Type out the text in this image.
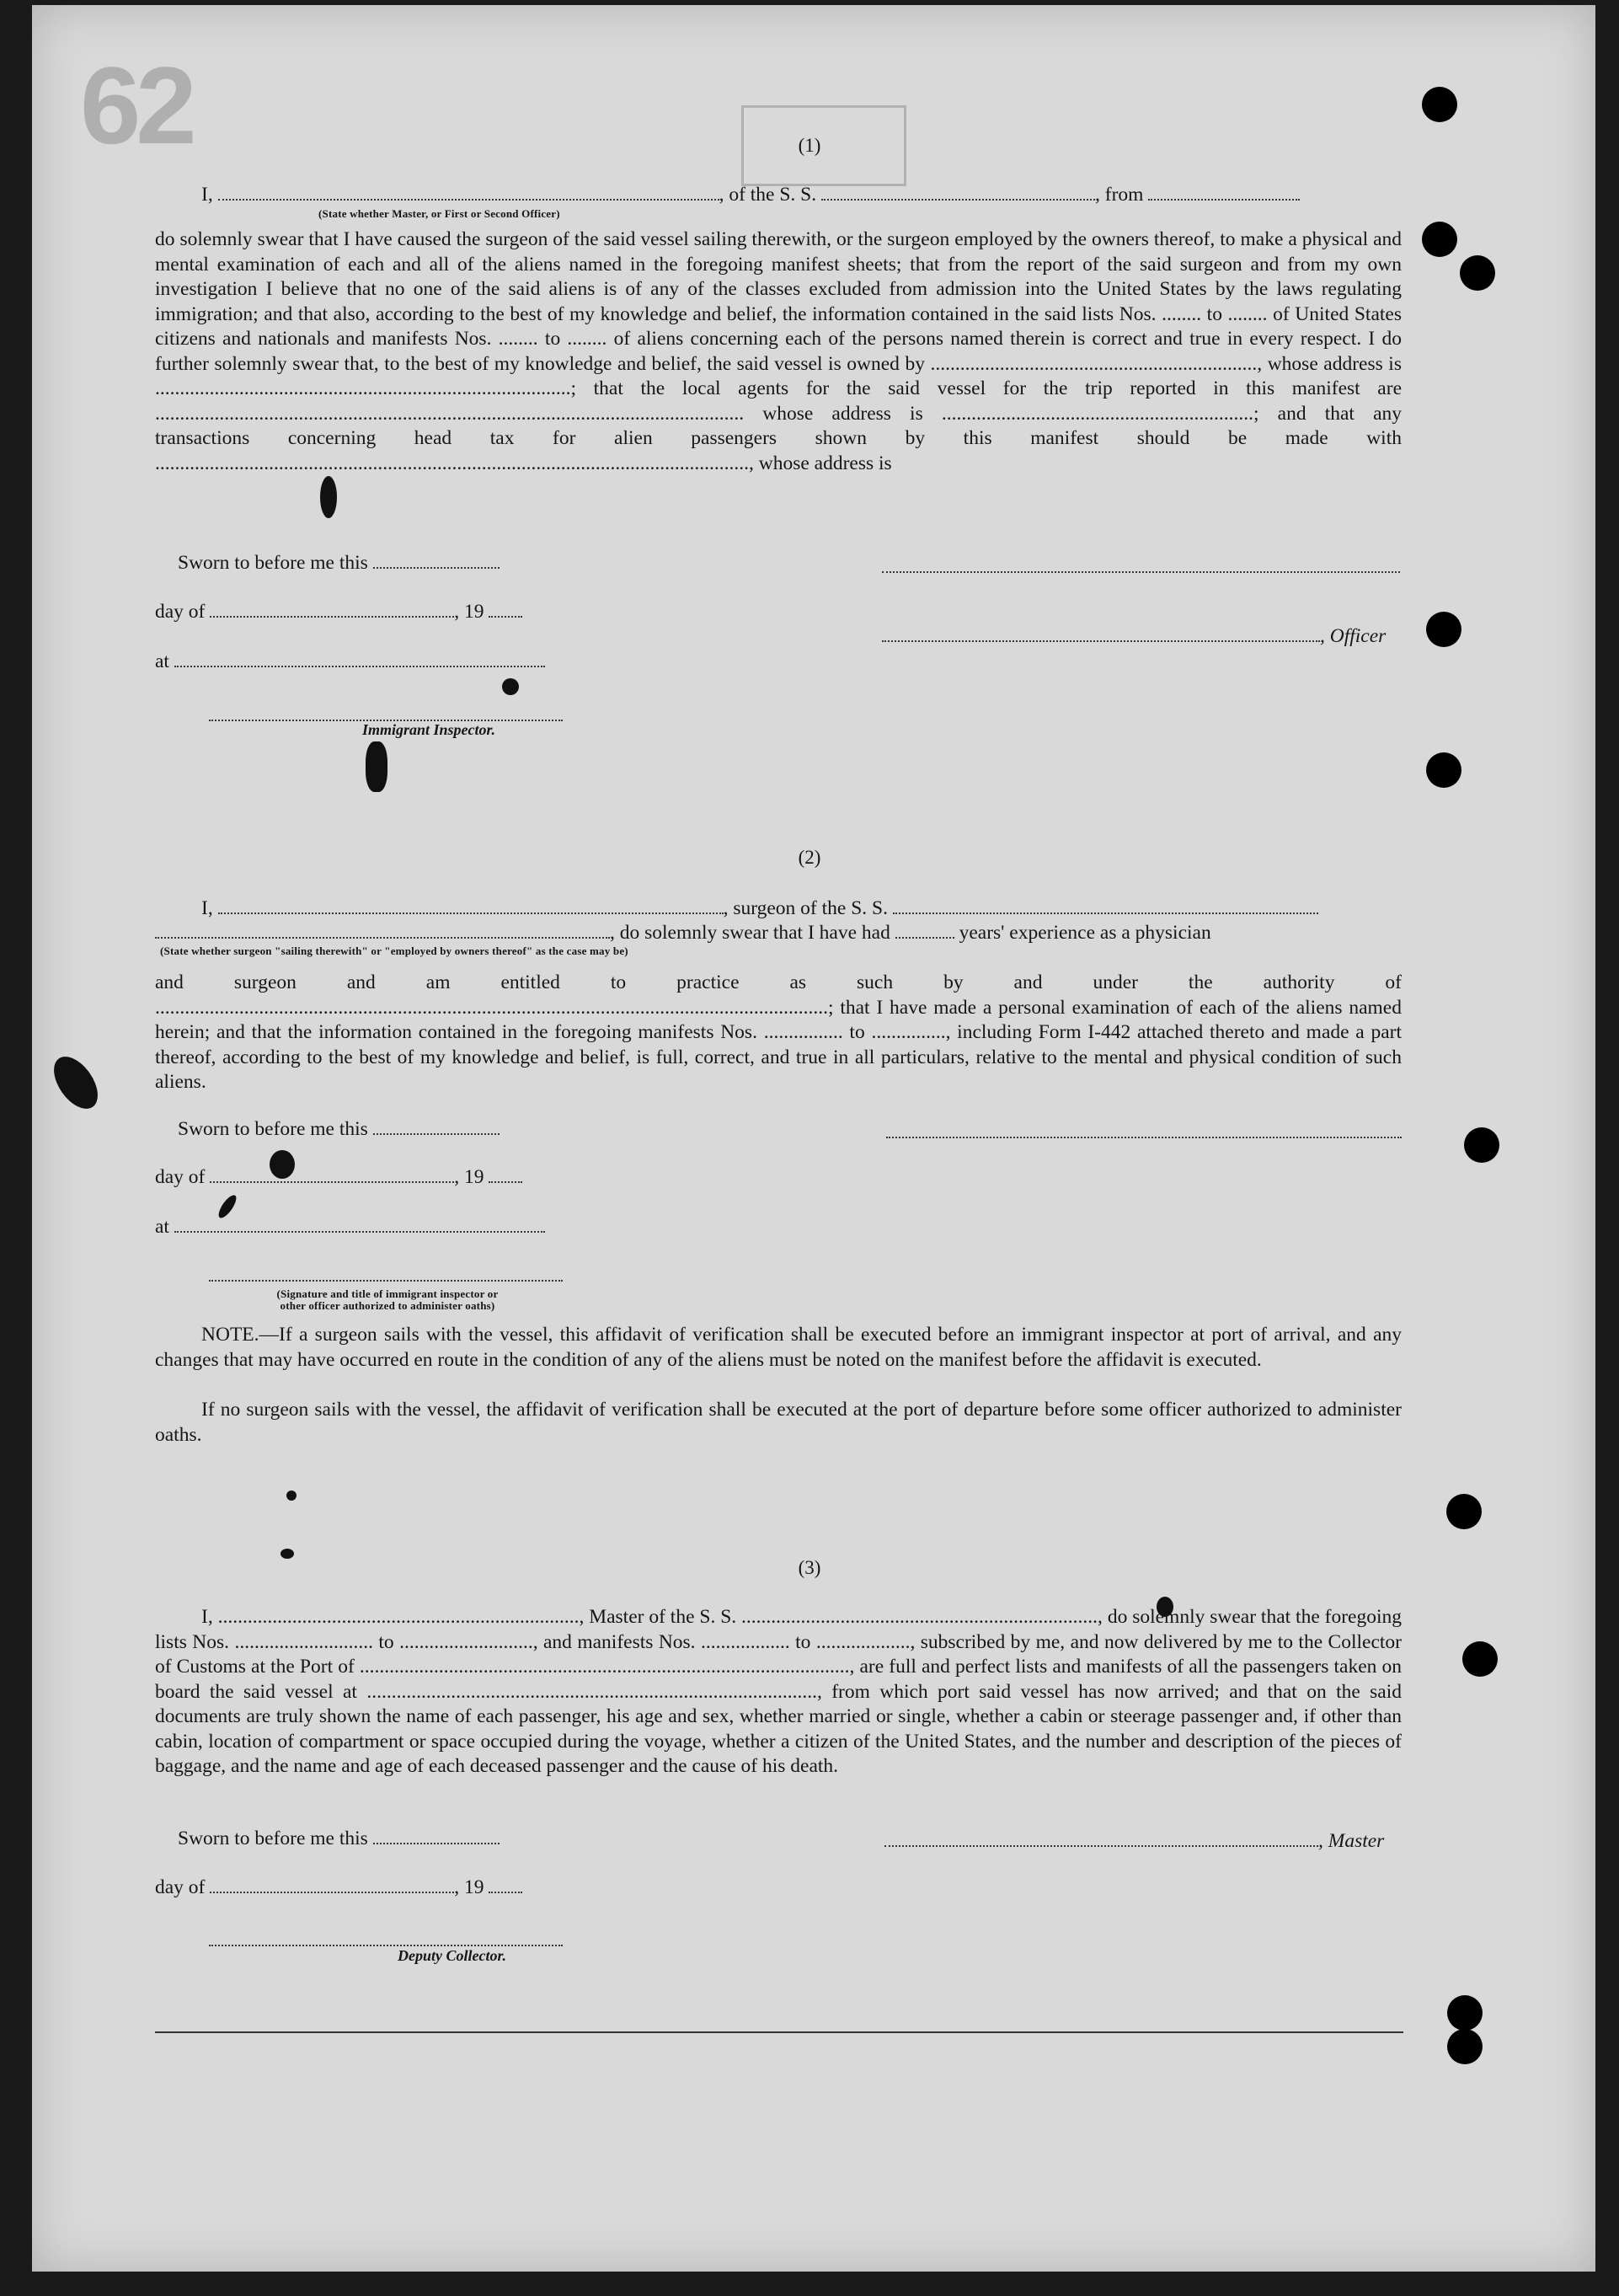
62	(1)
I,	, of the S. S.	, from
(State whether Master, or First or Second Officer)
do solemnly swear that I have caused the surgeon of the said vessel sailing therewith, or the surgeon employed by the owners thereof, to make a physical and mental examination of each and all of the aliens named in the foregoing manifest sheets; that from the report of the said surgeon and from my own investigation I believe that no one of the said aliens is of any of the classes excluded from admission into the United States by the laws regulating immigration; and that also, according to the best of my knowledge and belief, the information contained in the said lists Nos. ........ to ........ of United States citizens and nationals and manifests Nos. ........ to ........ of aliens concerning each of the persons named therein is correct and true in every respect. I do further solemnly swear that, to the best of my knowledge and belief, the said vessel is owned by .................................................................., whose address is ....................................................................................; that the local agents for the said vessel for the trip reported in this manifest are ....................................................................................................................... whose address is ...............................................................; and that any transactions concerning head tax for alien passengers shown by this manifest should be made with ........................................................................................................................, whose address is
Sworn to before me this
day of	, 19
, Officer
at
Immigrant Inspector.
(2)
I,	, surgeon of the S. S.
, do solemnly swear that I have had	years' experience as a physician
(State whether surgeon "sailing therewith" or "employed by owners thereof" as the case may be)
and surgeon and am entitled to practice as such by and under the authority of ........................................................................................................................................; that I have made a personal examination of each of the aliens named herein; and that the information contained in the foregoing manifests Nos. ................ to ..............., including Form I-442 attached thereto and made a part thereof, according to the best of my knowledge and belief, is full, correct, and true in all particulars, relative to the mental and physical condition of such aliens.
Sworn to before me this
day of	, 19
at
(Signature and title of immigrant inspector or
other officer authorized to administer oaths)
NOTE.—If a surgeon sails with the vessel, this affidavit of verification shall be executed before an immigrant inspector at port of arrival, and any changes that may have occurred en route in the condition of any of the aliens must be noted on the manifest before the affidavit is executed.
If no surgeon sails with the vessel, the affidavit of verification shall be executed at the port of departure before some officer authorized to administer oaths.
(3)
I, ........................................................................., Master of the S. S. ........................................................................, do solemnly swear that the foregoing lists Nos. ............................ to ..........................., and manifests Nos. .................. to ..................., subscribed by me, and now delivered by me to the Collector of Customs at the Port of ..................................................................................................., are full and perfect lists and manifests of all the passengers taken on board the said vessel at ..........................................................................................., from which port said vessel has now arrived; and that on the said documents are truly shown the name of each passenger, his age and sex, whether married or single, whether a cabin or steerage passenger and, if other than cabin, location of compartment or space occupied during the voyage, whether a citizen of the United States, and the number and description of the pieces of baggage, and the name and age of each deceased passenger and the cause of his death.
Sworn to before me this	, Master
day of	, 19
Deputy Collector.
